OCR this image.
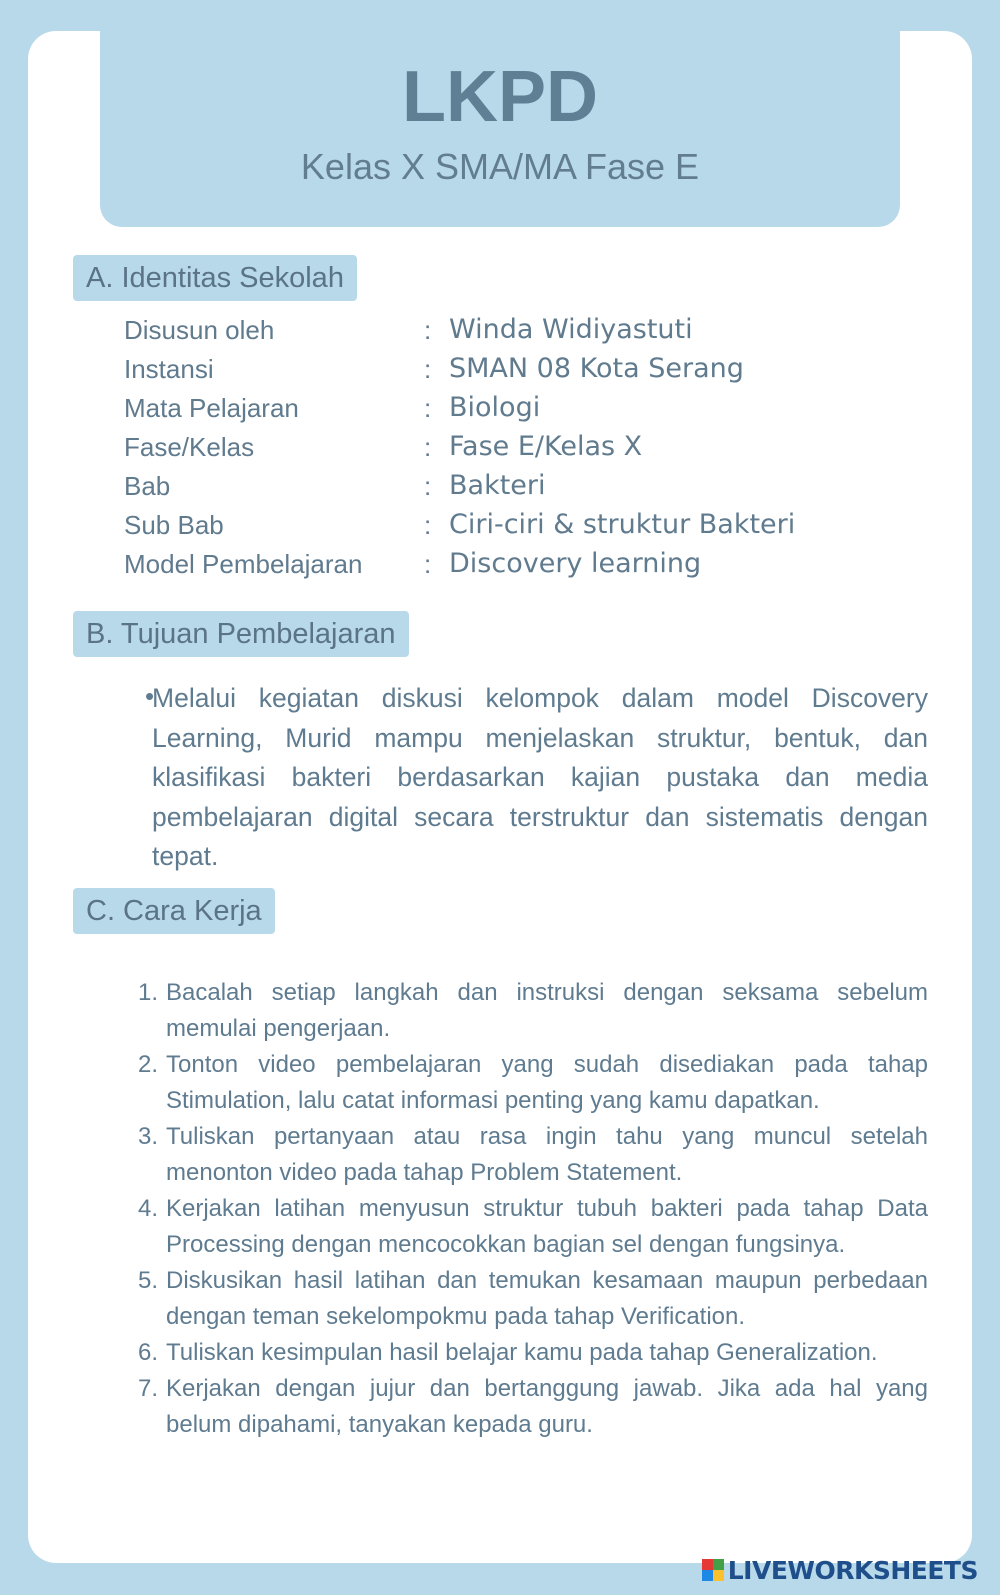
LKPD
Kelas X SMA/MA Fase E
A. Identitas Sekolah
Disusun oleh	: Winda Widiyastuti
Instansi	: SMAN 08 Kota Serang
Mata Pelajaran	: Biologi
Fase/Kelas	: Fase E/Kelas X
Bab	: Bakteri
Sub Bab	: Ciri-ciri & struktur Bakteri
Model Pembelajaran : Discovery learning
B. Tujuan Pembelajaran
•
Melalui kegiatan diskusi kelompok dalam model Discovery Learning, Murid mampu menjelaskan struktur, bentuk, dan klasifikasi bakteri berdasarkan kajian pustaka dan media pembelajaran digital secara terstruktur dan sistematis dengan tepat.
C. Cara Kerja
1. Bacalah setiap langkah dan instruksi dengan seksama sebelum memulai pengerjaan.
2. Tonton video pembelajaran yang sudah disediakan pada tahap Stimulation, lalu catat informasi penting yang kamu dapatkan.
3. Tuliskan pertanyaan atau rasa ingin tahu yang muncul setelah menonton video pada tahap Problem Statement.
4. Kerjakan latihan menyusun struktur tubuh bakteri pada tahap Data Processing dengan mencocokkan bagian sel dengan fungsinya.
5. Diskusikan hasil latihan dan temukan kesamaan maupun perbedaan dengan teman sekelompokmu pada tahap Verification.
6. Tuliskan kesimpulan hasil belajar kamu pada tahap Generalization.
7. Kerjakan dengan jujur dan bertanggung jawab. Jika ada hal yang belum dipahami, tanyakan kepada guru.
LIVEWORKSHEETS
